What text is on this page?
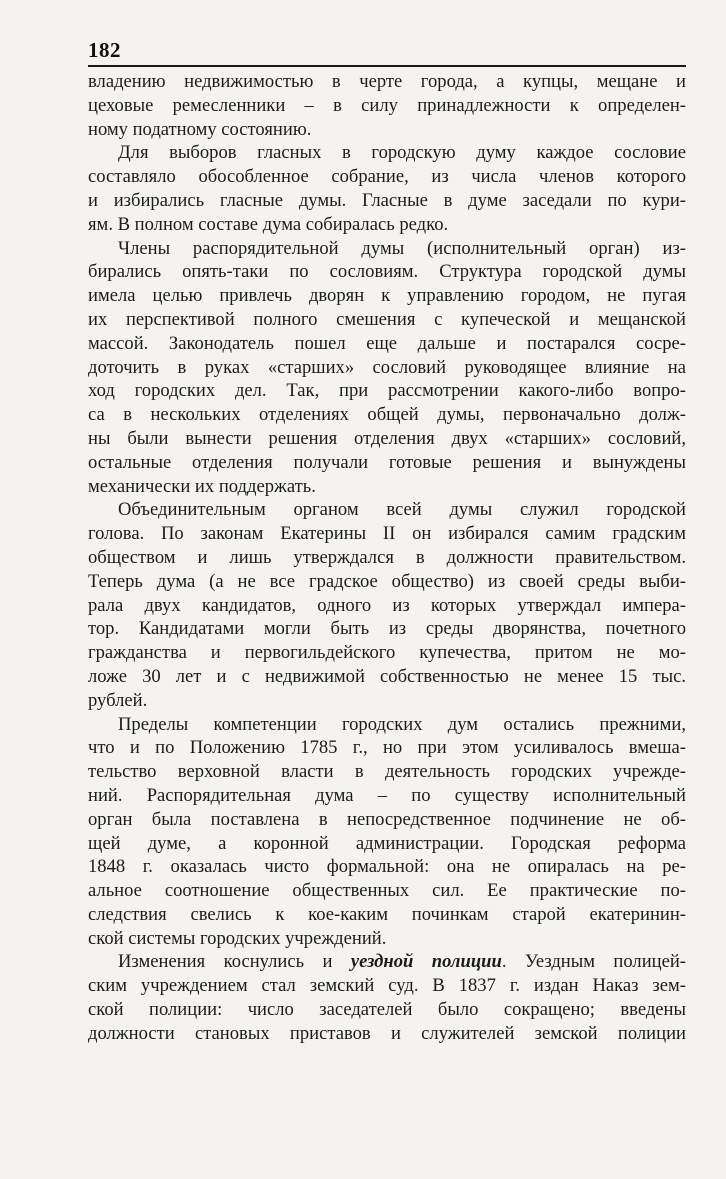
182
владению недвижимостью в черте города, а купцы, мещане и
цеховые ремесленники – в силу принадлежности к определен-
ному податному состоянию.
Для выборов гласных в городскую думу каждое сословие
составляло обособленное собрание, из числа членов которого
и избирались гласные думы. Гласные в думе заседали по кури-
ям. В полном составе дума собиралась редко.
Члены распорядительной думы (исполнительный орган) из-
бирались опять-таки по сословиям. Структура городской думы
имела целью привлечь дворян к управлению городом, не пугая
их перспективой полного смешения с купеческой и мещанской
массой. Законодатель пошел еще дальше и постарался сосре-
доточить в руках «старших» сословий руководящее влияние на
ход городских дел. Так, при рассмотрении какого-либо вопро-
са в нескольких отделениях общей думы, первоначально долж-
ны были вынести решения отделения двух «старших» сословий,
остальные отделения получали готовые решения и вынуждены
механически их поддержать.
Объединительным органом всей думы служил городской
голова. По законам Екатерины II он избирался самим градским
обществом и лишь утверждался в должности правительством.
Теперь дума (а не все градское общество) из своей среды выби-
рала двух кандидатов, одного из которых утверждал импера-
тор. Кандидатами могли быть из среды дворянства, почетного
гражданства и первогильдейского купечества, притом не мо-
ложе 30 лет и с недвижимой собственностью не менее 15 тыс.
рублей.
Пределы компетенции городских дум остались прежними,
что и по Положению 1785 г., но при этом усиливалось вмеша-
тельство верховной власти в деятельность городских учрежде-
ний. Распорядительная дума – по существу исполнительный
орган была поставлена в непосредственное подчинение не об-
щей думе, а коронной администрации. Городская реформа
1848 г. оказалась чисто формальной: она не опиралась на ре-
альное соотношение общественных сил. Ее практические по-
следствия свелись к кое-каким починкам старой екатеринин-
ской системы городских учреждений.
Изменения коснулись и уездной полиции. Уездным полицей-
ским учреждением стал земский суд. В 1837 г. издан Наказ зем-
ской полиции: число заседателей было сокращено; введены
должности становых приставов и служителей земской полиции
